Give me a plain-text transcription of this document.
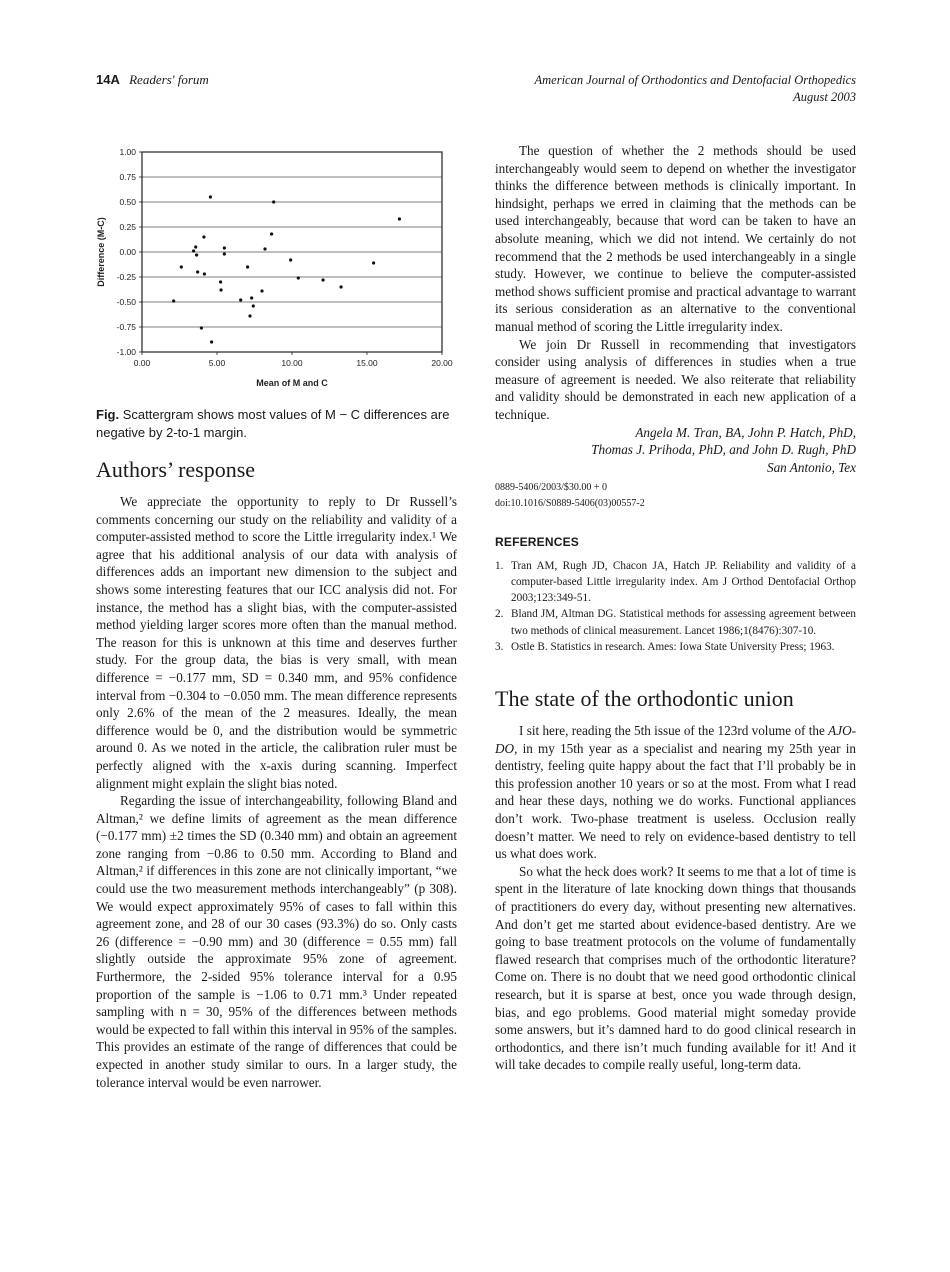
14A Readers' forum	American Journal of Orthodontics and Dentofacial Orthopedics
August 2003
1.00
0.75
0.50
0.25
0.00
-0.25
-0.50
-0.75
-1.00
0.00	5.00	10.00	15.00	20.00
Mean of M and C
Difference (M-C)
Fig. Scattergram shows most values of M − C differences are negative by 2-to-1 margin.
Authors’ response

We appreciate the opportunity to reply to Dr Russell’s comments concerning our study on the reliability and validity of a computer-assisted method to score the Little irregularity index.¹ We agree that his additional analysis of our data with analysis of differences adds an important new dimension to the subject and shows some interesting features that our ICC analysis did not. For instance, the method has a slight bias, with the computer-assisted method yielding larger scores more often than the manual method. The reason for this is unknown at this time and deserves further study. For the group data, the bias is very small, with mean difference = −0.177 mm, SD = 0.340 mm, and 95% confidence interval from −0.304 to −0.050 mm. The mean difference represents only 2.6% of the mean of the 2 measures. Ideally, the mean difference would be 0, and the distribution would be symmetric around 0. As we noted in the article, the calibration ruler must be perfectly aligned with the x-axis during scanning. Imperfect alignment might explain the slight bias noted.

Regarding the issue of interchangeability, following Bland and Altman,² we define limits of agreement as the mean difference (−0.177 mm) ±2 times the SD (0.340 mm) and obtain an agreement zone ranging from −0.86 to 0.50 mm. According to Bland and Altman,² if differences in this zone are not clinically important, “we could use the two measurement methods interchangeably” (p 308). We would expect approximately 95% of cases to fall within this agreement zone, and 28 of our 30 cases (93.3%) do so. Only casts 26 (difference = −0.90 mm) and 30 (difference = 0.55 mm) fall slightly outside the approximate 95% zone of agreement. Furthermore, the 2-sided 95% tolerance interval for a 0.95 proportion of the sample is −1.06 to 0.71 mm.³ Under repeated sampling with n = 30, 95% of the differences between methods would be expected to fall within this interval in 95% of the samples. This provides an estimate of the range of differences that could be expected in another study similar to ours. In a larger study, the tolerance interval would be even narrower.

The question of whether the 2 methods should be used interchangeably would seem to depend on whether the investigator thinks the difference between methods is clinically important. In hindsight, perhaps we erred in claiming that the methods can be used interchangeably, because that word can be taken to have an absolute meaning, which we did not intend. We certainly do not recommend that the 2 methods be used interchangeably in a single study. However, we continue to believe the computer-assisted method shows sufficient promise and practical advantage to warrant its serious consideration as an alternative to the conventional manual method of scoring the Little irregularity index.

We join Dr Russell in recommending that investigators consider using analysis of differences in studies when a true measure of agreement is needed. We also reiterate that reliability and validity should be demonstrated in each new application of a technique.

Angela M. Tran, BA, John P. Hatch, PhD,
Thomas J. Prihoda, PhD, and John D. Rugh, PhD
San Antonio, Tex
0889-5406/2003/$30.00 + 0
doi:10.1016/S0889-5406(03)00557-2
REFERENCES
1. Tran AM, Rugh JD, Chacon JA, Hatch JP. Reliability and validity of a computer-based Little irregularity index. Am J Orthod Dentofacial Orthop 2003;123:349-51.
2. Bland JM, Altman DG. Statistical methods for assessing agreement between two methods of clinical measurement. Lancet 1986;1(8476):307-10.
3. Ostle B. Statistics in research. Ames: Iowa State University Press; 1963.
The state of the orthodontic union

I sit here, reading the 5th issue of the 123rd volume of the AJO-DO, in my 15th year as a specialist and nearing my 25th year in dentistry, feeling quite happy about the fact that I’ll probably be in this profession another 10 years or so at the most. From what I read and hear these days, nothing we do works. Functional appliances don’t work. Two-phase treatment is useless. Occlusion really doesn’t matter. We need to rely on evidence-based dentistry to tell us what does work.

So what the heck does work? It seems to me that a lot of time is spent in the literature of late knocking down things that thousands of practitioners do every day, without presenting new alternatives. And don’t get me started about evidence-based dentistry. Are we going to base treatment protocols on the volume of fundamentally flawed research that comprises much of the orthodontic literature? Come on. There is no doubt that we need good orthodontic clinical research, but it is sparse at best, once you wade through design, bias, and ego problems. Good material might someday provide some answers, but it’s damned hard to do good clinical research in orthodontics, and there isn’t much funding available for it! And it will take decades to compile really useful, long-term data.
